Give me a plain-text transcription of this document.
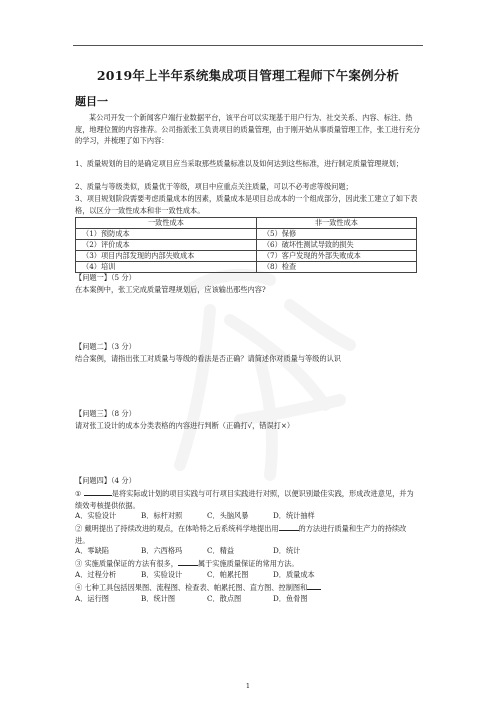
2019年上半年系统集成项目管理工程师下午案例分析
题目一
某公司开发一个新闻客户端行业数据平台，该平台可以实现基于用户行为、社交关系、内容、标注、热度，地理位置的内容推荐。公司指派张工负责项目的质量管理，由于刚开始从事质量管理工作，张工进行充分的学习，并梳理了如下内容：
1、质量规划的目的是确定项目应当采取那些质量标准以及如何达到这些标准，进行制定质量管理规划；
2、质量与等级类似，质量优于等级，项目中应重点关注质量，可以不必考虑等级问题；
3、项目规划阶段需要考虑质量成本的因素，质量成本是项目总成本的一个组成部分，因此张工建立了如下表格，以区分一致性成本和非一致性成本。
一致性成本	非一致性成本
（1）预防成本	（5）保修
（2）评价成本	（6）破坏性测试导致的损失
（3）项目内部发现的内部失败成本	（7）客户发现的外部失败成本
（4）培训	（8）检查
【问题一】（5 分）
在本案例中，张工完成质量管理规划后，应该输出那些内容?
【问题二】（3 分）
结合案例，请指出张工对质量与等级的看法是否正确？请简述你对质量与等级的认识
【问题三】（8 分）
请对张工设计的成本分类表格的内容进行判断（正确打√，错误打×）
【问题四】（4 分）
①	是将实际或计划的项目实践与可行项目实践进行对照，以便识别最佳实践，形成改进意见，并为绩效考核提供依据。
A．实验设计	B．标杆对照	C．头脑风暴	D．统计抽样
② 戴明提出了持续改进的观点，在体哈特之后系统科学地提出用	的方法进行质量和生产力的持续改进。
A．零缺陷	B．六西格玛	C．精益	D．统计
③ 实施质量保证的方法有很多，	属于实施质量保证的常用方法。
A．过程分析	B．实验设计	C．帕累托图	D．质量成本
④ 七种工具包括因果图、流程图、检查表、帕累托图、直方图、控制图和
A．运行图	B．统计图	C．散点图	D．鱼骨图
1
